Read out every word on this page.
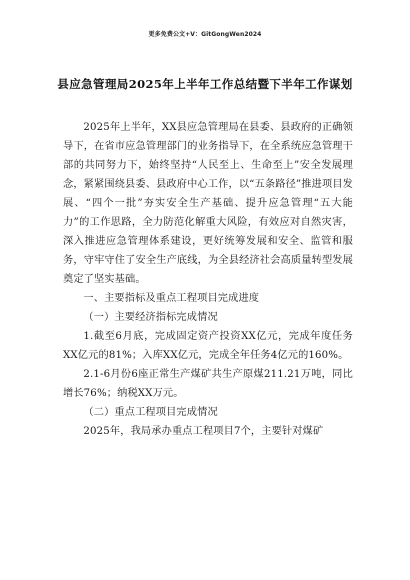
更多免费公文+V：GitGongWen2024
县应急管理局2025年上半年工作总结暨下半年工作谋划

2025年上半年，XX县应急管理局在县委、县政府的正确领导下，在省市应急管理部门的业务指导下，在全系统应急管理干部的共同努力下，始终坚持“人民至上、生命至上”安全发展理念，紧紧围绕县委、县政府中心工作，以“五条路径”推进项目发展、“四个一批”夯实安全生产基础、提升应急管理“五大能力”的工作思路，全力防范化解重大风险，有效应对自然灾害，深入推进应急管理体系建设，更好统筹发展和安全、监管和服务，守牢守住了安全生产底线，为全县经济社会高质量转型发展奠定了坚实基础。

一、主要指标及重点工程项目完成进度

（一）主要经济指标完成情况

1.截至6月底，完成固定资产投资XX亿元，完成年度任务XX亿元的81%；入库XX亿元，完成全年任务4亿元的160%。

2.1-6月份6座正常生产煤矿共生产原煤211.21万吨，同比增长76%；纳税XX万元。

（二）重点工程项目完成情况

2025年，我局承办重点工程项目7个，主要针对煤矿
